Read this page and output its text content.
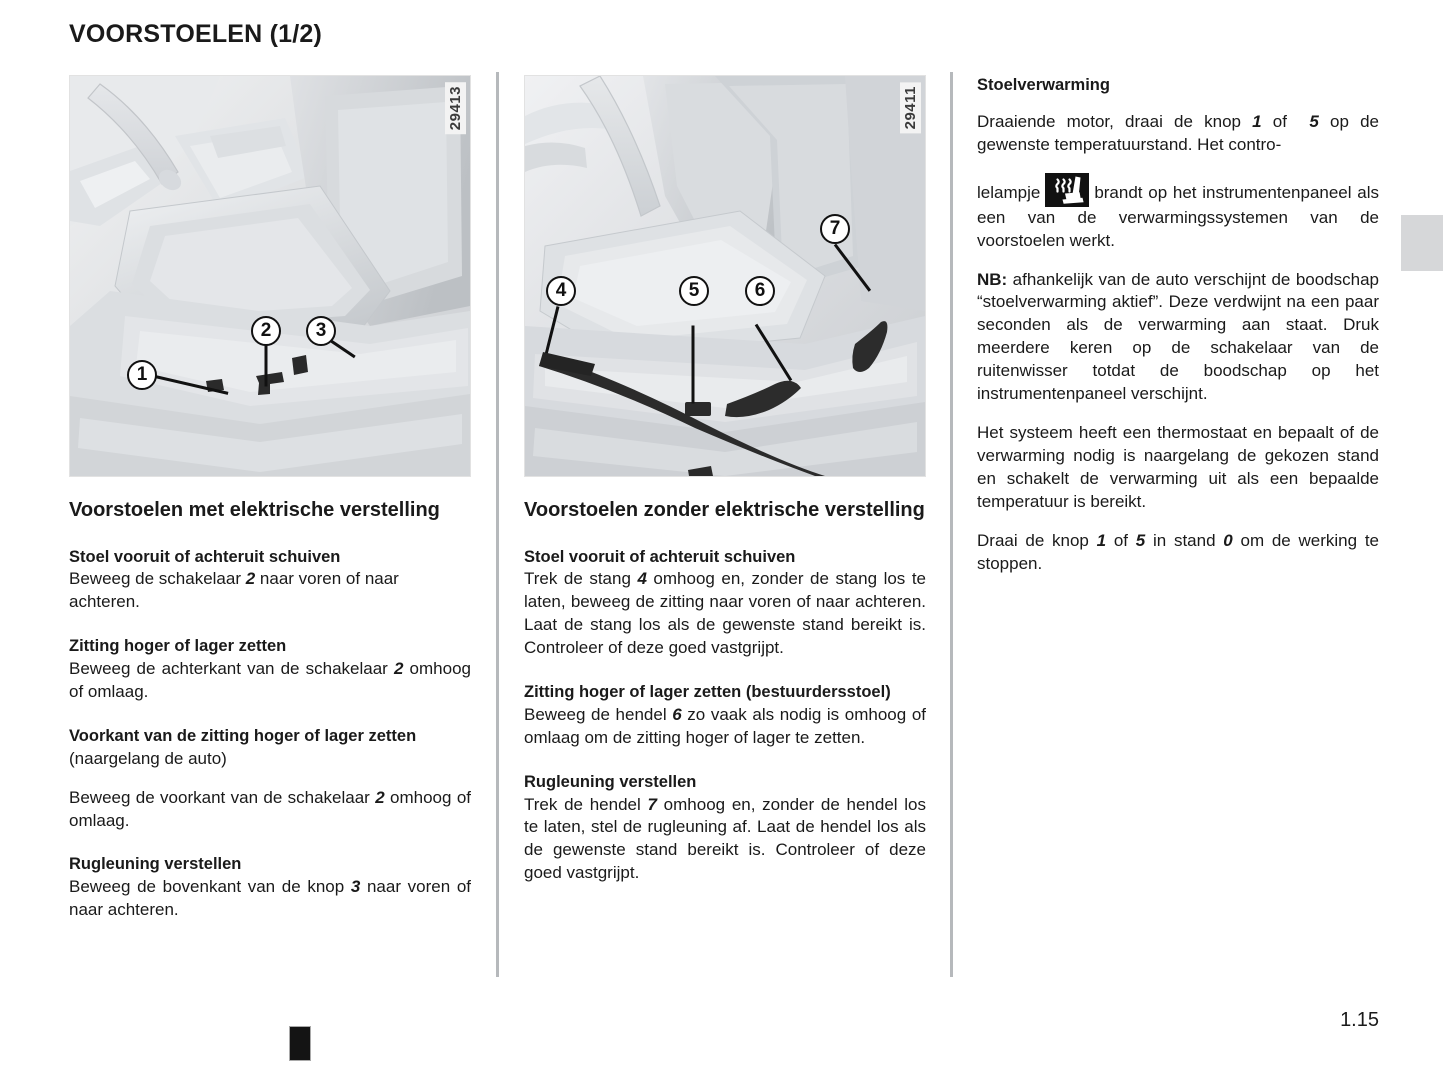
VOORSTOELEN (1/2)
29413
1
2	3
Voorstoelen met elektrische verstelling
Stoel vooruit of achteruit schuiven

Beweeg de schakelaar 2 naar voren of naar achteren.

Zitting hoger of lager zetten

Beweeg de achterkant van de schakelaar 2 omhoog of omlaag.

Voorkant van de zitting hoger of lager zetten

(naargelang de auto)

Beweeg de voorkant van de schakelaar 2 omhoog of omlaag.

Rugleuning verstellen

Beweeg de bovenkant van de knop 3 naar voren of naar achteren.

29411
4	5	6
7
Voorstoelen zonder elektrische verstelling
Stoel vooruit of achteruit schuiven

Trek de stang 4 omhoog en, zonder de stang los te laten, beweeg de zitting naar voren of naar achteren. Laat de stang los als de gewenste stand bereikt is. Controleer of deze goed vastgrijpt.

Zitting hoger of lager zetten (bestuurdersstoel)

Beweeg de hendel 6 zo vaak als nodig is omhoog of omlaag om de zitting hoger of lager te zetten.

Rugleuning verstellen

Trek de hendel 7 omhoog en, zonder de hendel los te laten, stel de rugleuning af. Laat de hendel los als de gewenste stand bereikt is. Controleer of deze goed vastgrijpt.

Stoelverwarming

Draaiende motor, draai de knop 1 of  5 op de gewenste temperatuurstand. Het contro-

lelampje	brandt op het instrumentenpaneel als een van de verwarmingssystemen van de voorstoelen werkt.

NB: afhankelijk van de auto verschijnt de boodschap “stoelverwarming aktief”. Deze verdwijnt na een paar seconden als de verwarming aan staat. Druk meerdere keren op de schakelaar van de ruitenwisser totdat de boodschap op het instrumentenpaneel verschijnt.

Het systeem heeft een thermostaat en bepaalt of de verwarming nodig is naargelang de gekozen stand en schakelt de verwarming uit als een bepaalde temperatuur is bereikt.

Draai de knop 1 of 5 in stand 0 om de werking te stoppen.

1.15
